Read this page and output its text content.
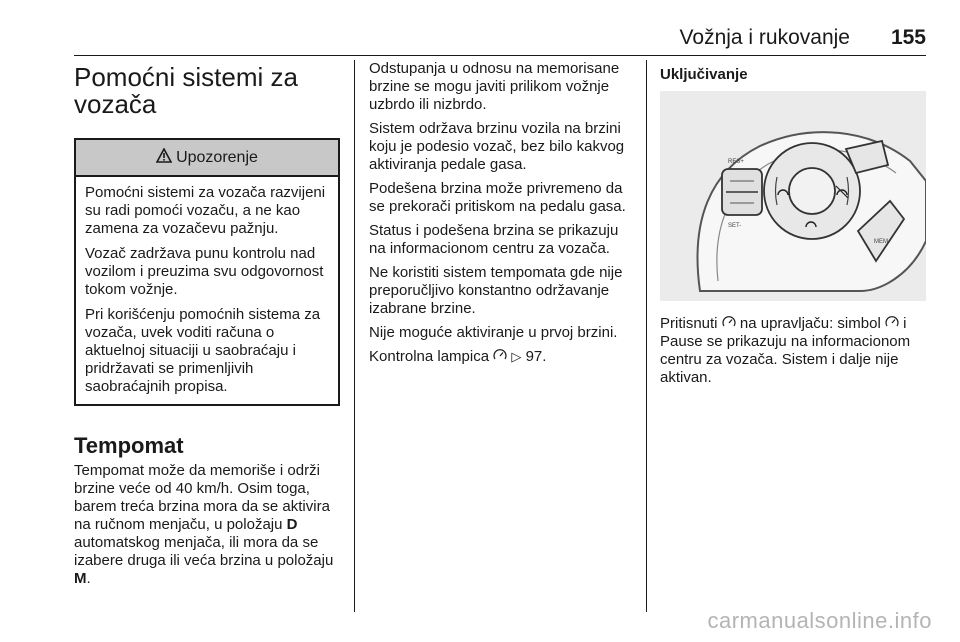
Vožnja i rukovanje 155
Pomoćni sistemi za vozača
Upozorenje

Pomoćni sistemi za vozača razvijeni su radi pomoći vozaču, a ne kao zamena za vozačevu pažnju.

Vozač zadržava punu kontrolu nad vozilom i preuzima svu odgovornost tokom vožnje.

Pri korišćenju pomoćnih sistema za vozača, uvek voditi računa o aktuelnoj situaciji u saobraćaju i pridržavati se primenljivih saobraćajnih propisa.

Tempomat

Tempomat može da memoriše i održi brzine veće od 40 km/h. Osim toga, barem treća brzina mora da se aktivira na ručnom menjaču, u položaju D automatskog menjača, ili mora da se izabere druga ili veća brzina u položaju M.

Odstupanja u odnosu na memorisane brzine se mogu javiti prilikom vožnje uzbrdo ili nizbrdo.

Sistem održava brzinu vozila na brzini koju je podesio vozač, bez bilo kakvog aktiviranja pedale gasa.

Podešena brzina može privremeno da se prekorači pritiskom na pedalu gasa.

Status i podešena brzina se prikazuju na informacionom centru za vozača.

Ne koristiti sistem tempomata gde nije preporučljivo konstantno održavanje izabrane brzine.

Nije moguće aktiviranje u prvoj brzini.

Kontrolna lampica ▷ 97.

Uključivanje
RES+
SET-
MEM

Pritisnuti na upravljaču: simbol i Pause se prikazuju na informacionom centru za vozača. Sistem i dalje nije aktivan.

carmanualsonline.info
